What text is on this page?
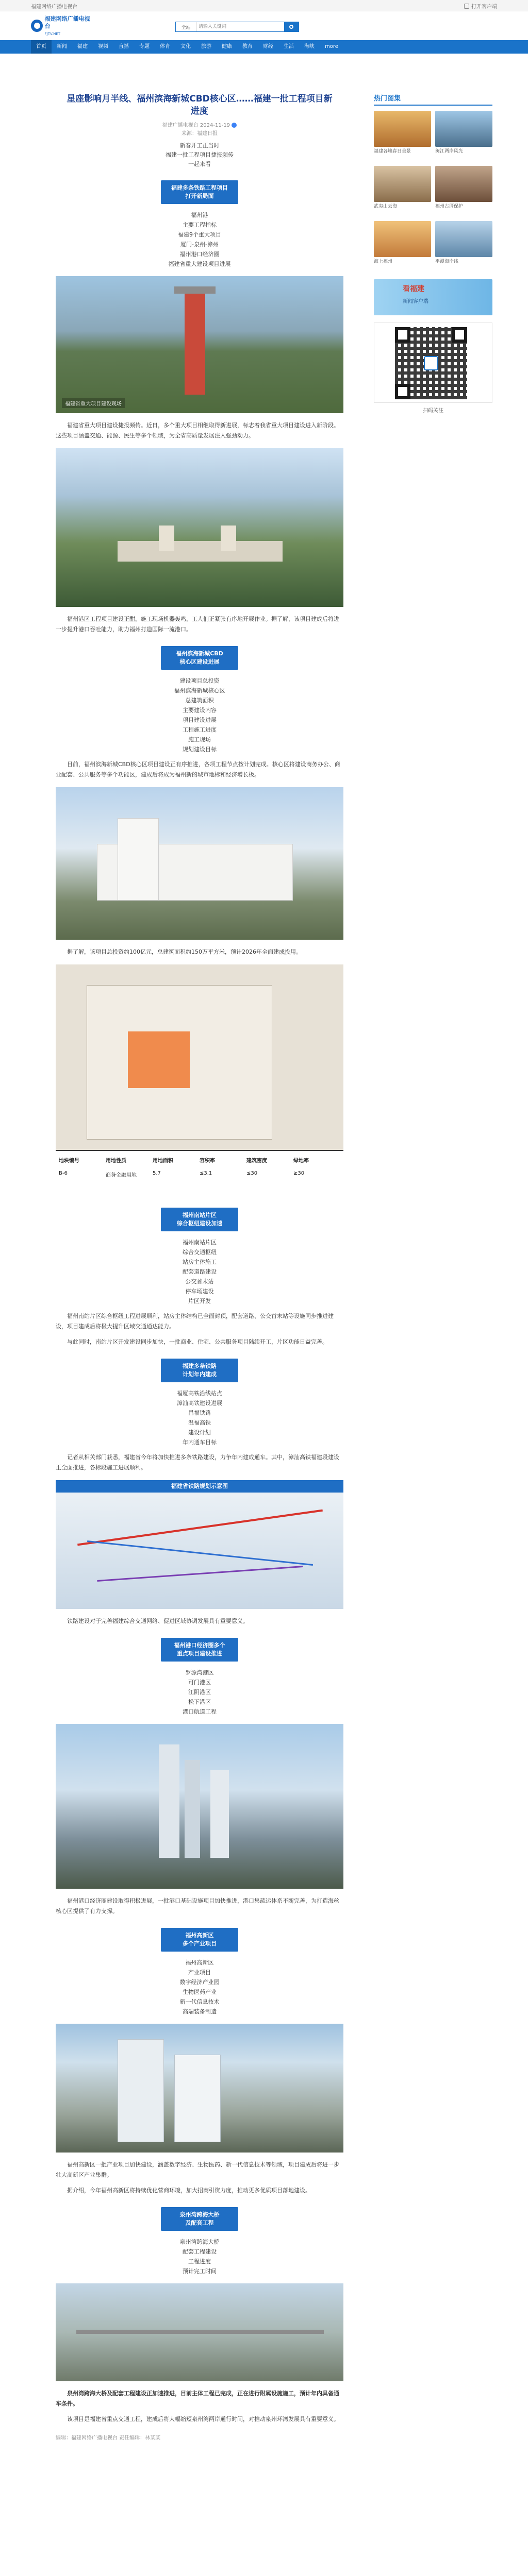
福建网络广播电视台	打开客户端
福建网络广播电视台
FJTV.NET
全站
请输入关键词
首页	新闻	福建	视频	直播	专题	体育	文化	旅游	健康	教育	财经	生活	海峡	more
星座影响月半线、福州滨海新城CBD核心区……福建一批工程项目新进度
福建广播电视台 2024-11-19
来源：福建日报
新春开工正当时
福建一批工程项目捷报频传
一起来看
福建多条铁路工程项目
打开新局面
福州港
主要工程指标
福建9个重大项目
厦门-泉州-漳州
福州港口经济圈
福建省重大建设项目进展
福建省重大项目建设现场

福建省重大项目建设捷报频传。近日，多个重大项目相继取得新进展，标志着我省重大项目建设进入新阶段。这些项目涵盖交通、能源、民生等多个领域，为全省高质量发展注入强劲动力。

福州港区工程项目建设正酣，施工现场机器轰鸣，工人们正紧张有序地开展作业。据了解，该项目建成后将进一步提升港口吞吐能力，助力福州打造国际一流港口。

福州滨海新城CBD
核心区建设进展
建设项目总投资
福州滨海新城核心区
总建筑面积
主要建设内容
项目建设进展
工程施工进度
施工现场
规划建设目标

目前，福州滨海新城CBD核心区项目建设正有序推进，各项工程节点按计划完成。核心区将建设商务办公、商业配套、公共服务等多个功能区，建成后将成为福州新的城市地标和经济增长极。

据了解，该项目总投资约100亿元，总建筑面积约150万平方米，预计2026年全面建成投用。

地块编号	用地性质	用地面积	容积率	建筑密度	绿地率
B-6	商务金融用地	5.7	≤3.1	≤30	≥30
福州南站片区
综合枢纽建设加速
福州南站片区
综合交通枢纽
站房主体施工
配套道路建设
公交首末站
停车场建设
片区开发

福州南站片区综合枢纽工程进展顺利，站房主体结构已全面封顶，配套道路、公交首末站等设施同步推进建设，项目建成后将极大提升区域交通通达能力。

与此同时，南站片区开发建设同步加快，一批商业、住宅、公共服务项目陆续开工，片区功能日益完善。

福建多条铁路
计划年内建成
福厦高铁沿线站点
漳汕高铁建设进展
昌福铁路
温福高铁
建设计划
年内通车目标

记者从相关部门获悉，福建省今年将加快推进多条铁路建设，力争年内建成通车。其中，漳汕高铁福建段建设正全面推进，各标段施工进展顺利。

福建省铁路规划示意图

铁路建设对于完善福建综合交通网络、促进区域协调发展具有重要意义。

福州港口经济圈多个
重点项目建设推进
罗源湾港区
可门港区
江阴港区
松下港区
港口航道工程

福州港口经济圈建设取得积极进展，一批港口基础设施项目加快推进，港口集疏运体系不断完善，为打造海丝核心区提供了有力支撑。

福州高新区
多个产业项目
福州高新区
产业项目
数字经济产业园
生物医药产业
新一代信息技术
高端装备制造

福州高新区一批产业项目加快建设，涵盖数字经济、生物医药、新一代信息技术等领域，项目建成后将进一步壮大高新区产业集群。

据介绍，今年福州高新区将持续优化营商环境，加大招商引资力度，推动更多优质项目落地建设。

泉州湾跨海大桥
及配套工程
泉州湾跨海大桥
配套工程建设
工程进度
预计完工时间

泉州湾跨海大桥及配套工程建设正加速推进，目前主体工程已完成，正在进行附属设施施工，预计年内具备通车条件。

该项目是福建省重点交通工程，建成后将大幅缩短泉州湾两岸通行时间，对推动泉州环湾发展具有重要意义。

编辑：福建网络广播电视台 责任编辑：林某某
热门图集
福建各地春日美景	闽江两岸风光
武夷山云海	福州古厝保护
海上福州	平潭海岸线
看福建
新闻客户端
扫码关注
